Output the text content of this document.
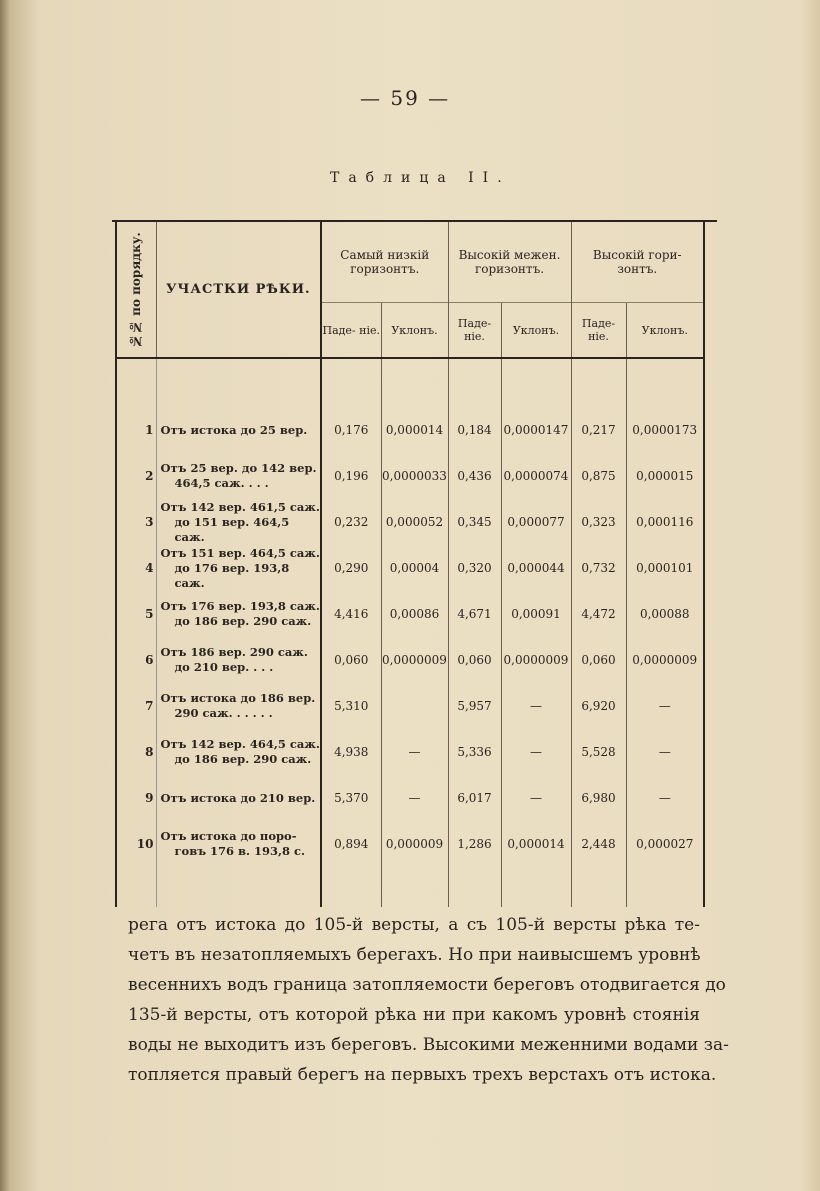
— 59 —
Таблица II.
№№ по порядку.	УЧАСТКИ РѢКИ.	Самый низкій горизонтъ.		Высокій межен. горизонтъ.		Высокій гори- зонтъ.	
		Паде- ніе.	Уклонъ.	Паде- ніе.	Уклонъ.	Паде- ніе.	Уклонъ.

1	Отъ истока до 25 вер.	0,176	0,000014	0,184	0,0000147	0,217	0,0000173
2	Отъ 25 вер. до 142 вер.
464,5 саж. . . .	0,196	0,0000033	0,436	0,0000074	0,875	0,000015
3	Отъ 142 вер. 461,5 саж.
до 151 вер. 464,5 саж.	0,232	0,000052	0,345	0,000077	0,323	0,000116
4	Отъ 151 вер. 464,5 саж.
до 176 вер. 193,8 саж.	0,290	0,00004	0,320	0,000044	0,732	0,000101
5	Отъ 176 вер. 193,8 саж.
до 186 вер. 290 саж.	4,416	0,00086	4,671	0,00091	4,472	0,00088
6	Отъ 186 вер. 290 саж.
до 210 вер. . . .	0,060	0,0000009	0,060	0,0000009	0,060	0,0000009
7	Отъ истока до 186 вер.
290 саж. . . . . .	5,310		5,957	—	6,920	—
8	Отъ 142 вер. 464,5 саж.
до 186 вер. 290 саж.	4,938	—	5,336	—	5,528	—
9	Отъ истока до 210 вер.	5,370	—	6,017	—	6,980	—
10	Отъ истока до поро-
говъ 176 в. 193,8 с.	0,894	0,000009	1,286	0,000014	2,448	0,000027

рега отъ истока до 105-й версты, а съ 105-й версты рѣка те-
четъ въ незатопляемыхъ берегахъ. Но при наивысшемъ уровнѣ
весеннихъ водъ граница затопляемости береговъ отодвигается до
135-й версты, отъ которой рѣка ни при какомъ уровнѣ стоянія
воды не выходитъ изъ береговъ. Высокими меженними водами за-
топляется правый берегъ на первыхъ трехъ верстахъ отъ истока.
